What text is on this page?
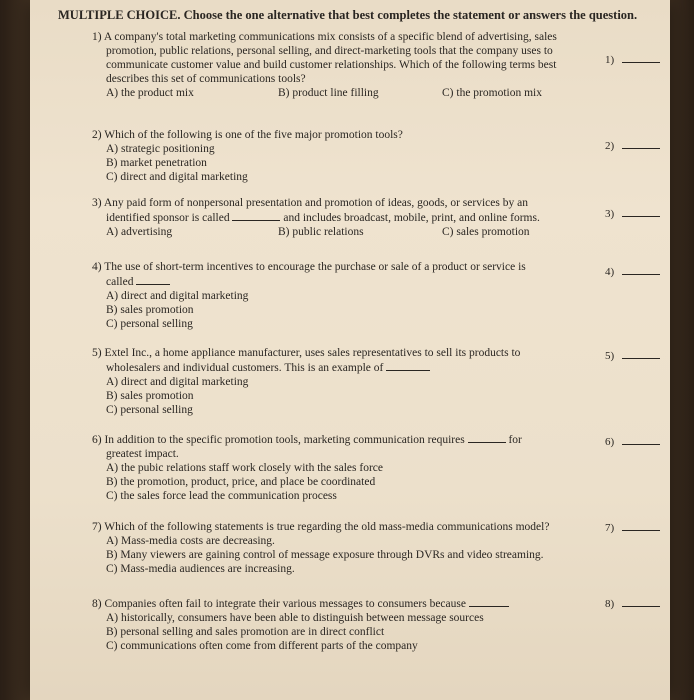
MULTIPLE CHOICE. Choose the one alternative that best completes the statement or answers the question.
1) A company's total marketing communications mix consists of a specific blend of advertising, sales
promotion, public relations, personal selling, and direct-marketing tools that the company uses to
communicate customer value and build customer relationships. Which of the following terms best
describes this set of communications tools?
A) the product mix	B) product line filling	C) the promotion mix
1)
2) Which of the following is one of the five major promotion tools?
A) strategic positioning
B) market penetration
C) direct and digital marketing
2)
3) Any paid form of nonpersonal presentation and promotion of ideas, goods, or services by an
identified sponsor is called	and includes broadcast, mobile, print, and online forms.
A) advertising	B) public relations	C) sales promotion
3)
4) The use of short-term incentives to encourage the purchase or sale of a product or service is
called
A) direct and digital marketing
B) sales promotion
C) personal selling
4)
5) Extel Inc., a home appliance manufacturer, uses sales representatives to sell its products to
wholesalers and individual customers. This is an example of
A) direct and digital marketing
B) sales promotion
C) personal selling
5)
6) In addition to the specific promotion tools, marketing communication requires	for
greatest impact.
A) the pubic relations staff work closely with the sales force
B) the promotion, product, price, and place be coordinated
C) the sales force lead the communication process
6)
7) Which of the following statements is true regarding the old mass-media communications model?
A) Mass-media costs are decreasing.
B) Many viewers are gaining control of message exposure through DVRs and video streaming.
C) Mass-media audiences are increasing.
7)
8) Companies often fail to integrate their various messages to consumers because
A) historically, consumers have been able to distinguish between message sources
B) personal selling and sales promotion are in direct conflict
C) communications often come from different parts of the company
8)
